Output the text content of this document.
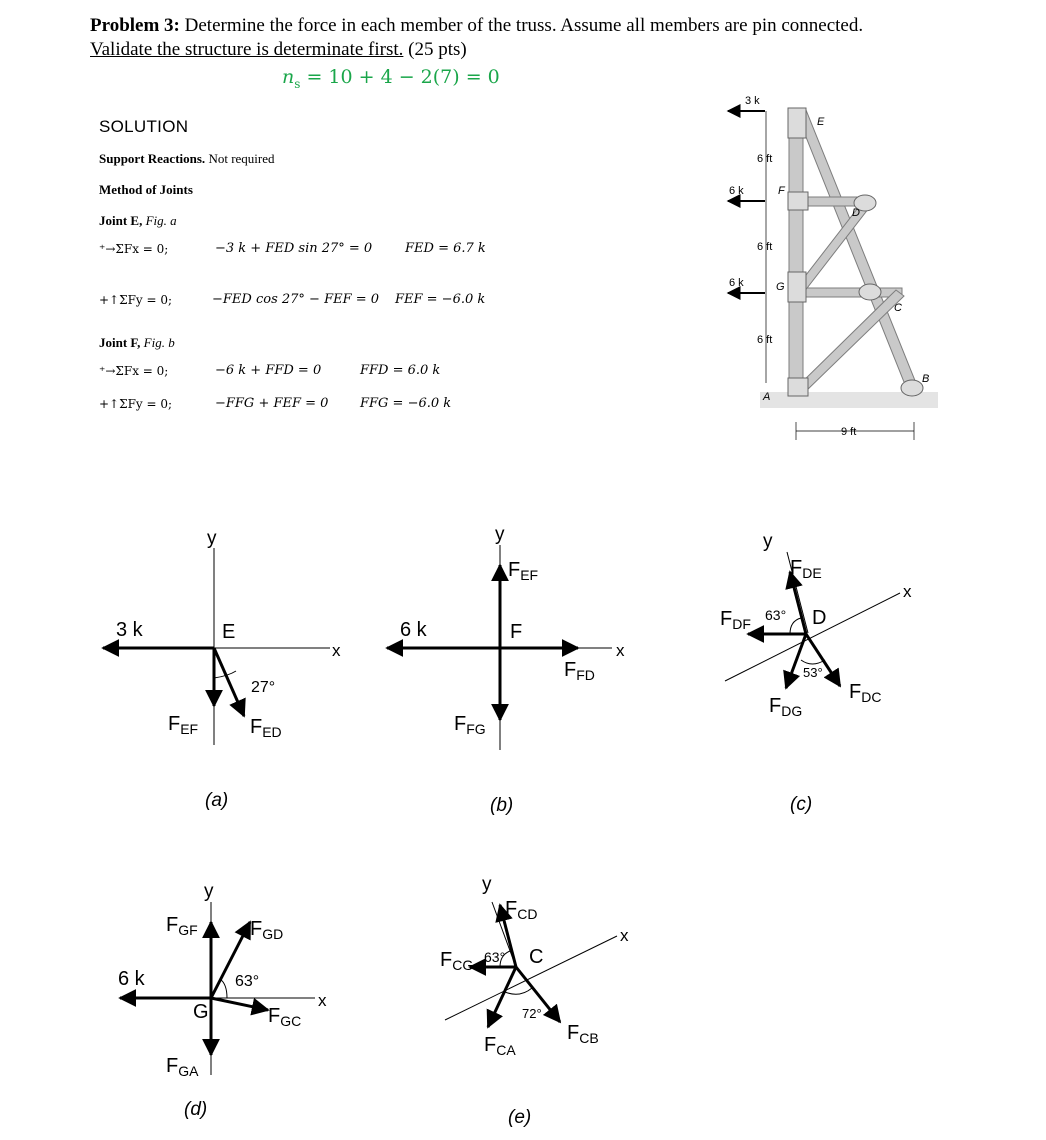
Problem 3: Determine the force in each member of the truss. Assume all members are pin connected.
Validate the structure is determinate first. (25 pts)
$n_s = 10 + 4 - 2(7) = 0$
SOLUTION
Support Reactions. Not required
Method of Joints
Joint E, Fig. a
⁺→ΣFx = 0;	−3 k + FED sin 27° = 0	FED = 6.7 k
+↑ΣFy = 0;	−FED cos 27° − FEF = 0 FEF = −6.0 k
Joint F, Fig. b
⁺→ΣFx = 0;	−6 k + FFD = 0	FFD = 6.0 k
+↑ΣFy = 0;	−FFG + FEF = 0 FFG = −6.0 k
3 k
6 k
6 k
6 ft
6 ft
6 ft
9 ft
E
F
D
G
C
A
B
y
x
3 k	E
27°
$F_{EF}$	$F_{ED}$
(a)
y
x
6 k	F
$F_{EF}$
$F_{FD}$
$F_{FG}$
(b)
y
x
D
63°
53°
$F_{DE}$
$F_{DF}$
$F_{DG}$
$F_{DC}$
(c)
y
x
6 k
G
63°
$F_{GF}$	$F_{GD}$
$F_{GC}$
$F_{GA}$
(d)
y
x
C
63°
72°
$F_{CD}$
$F_{CG}$
$F_{CA}$
$F_{CB}$
(e)
